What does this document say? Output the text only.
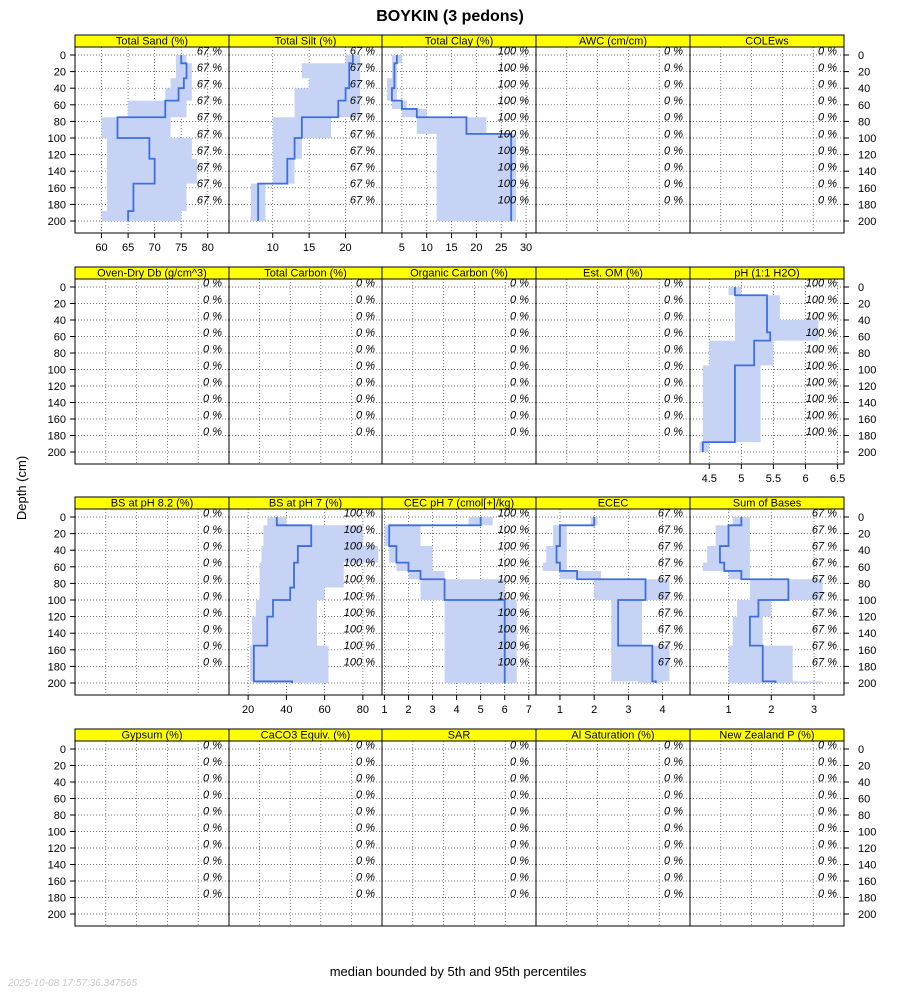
BOYKIN (3 pedons)
Depth (cm)
median bounded by 5th and 95th percentiles
Total Sand (%)
67 %
67 %
67 %
67 %
67 %
67 %
67 %
67 %
67 %
67 %
60 65 70 75 80
Total Silt (%)
67 %
67 %
67 %
67 %
67 %
67 %
67 %
67 %
67 %
67 %
10 15 20
Total Clay (%)
100 %
100 %
100 %
100 %
100 %
100 %
100 %
100 %
100 %
100 %
5 10 15 20 25 30
AWC (cm/cm)
0 %
0 %
0 %
0 %
0 %
0 %
0 %
0 %
0 %
0 %
COLEws
0 %
0 %
0 %
0 %
0 %
0 %
0 %
0 %
0 %
0 %
Oven-Dry Db (g/cm^3)
0 %
0 %
0 %
0 %
0 %
0 %
0 %
0 %
0 %
0 %
Total Carbon (%)
0 %
0 %
0 %
0 %
0 %
0 %
0 %
0 %
0 %
0 %
Organic Carbon (%)
0 %
0 %
0 %
0 %
0 %
0 %
0 %
0 %
0 %
0 %
Est. OM (%)
0 %
0 %
0 %
0 %
0 %
0 %
0 %
0 %
0 %
0 %
pH (1:1 H2O)
100 %
100 %
100 %
100 %
100 %
100 %
100 %
100 %
100 %
100 %
4.5 5 5.5 6 6.5
BS at pH 8.2 (%)
0 %
0 %
0 %
0 %
0 %
0 %
0 %
0 %
0 %
0 %
BS at pH 7 (%)
100 %
100 %
100 %
100 %
100 %
100 %
100 %
100 %
100 %
100 %
20 40 60 80
CEC pH 7 (cmol[+]/kg)
100 %
100 %
100 %
100 %
100 %
100 %
100 %
100 %
100 %
100 %
1 2 3 4 5 6 7
ECEC
67 %
67 %
67 %
67 %
67 %
67 %
67 %
67 %
67 %
67 %
1	2	3	4
Sum of Bases
67 %
67 %
67 %
67 %
67 %
67 %
67 %
67 %
67 %
67 %
1	2	3
Gypsum (%)
0 %
0 %
0 %
0 %
0 %
0 %
0 %
0 %
0 %
0 %
CaCO3 Equiv. (%)
0 %
0 %
0 %
0 %
0 %
0 %
0 %
0 %
0 %
0 %
SAR
0 %
0 %
0 %
0 %
0 %
0 %
0 %
0 %
0 %
0 %
Al Saturation (%)
0 %
0 %
0 %
0 %
0 %
0 %
0 %
0 %
0 %
0 %
New Zealand P (%)
0 %
0 %
0 %
0 %
0 %
0 %
0 %
0 %
0 %
0 %
0	0
20	20
40	40
60	60
80	80
100	100
120	120
140	140
160	160
180	180
200	200
0	0
20	20
40	40
60	60
80	80
100	100
120	120
140	140
160	160
180	180
200	200
0	0
20	20
40	40
60	60
80	80
100	100
120	120
140	140
160	160
180	180
200	200
0	0
20	20
40	40
60	60
80	80
100	100
120	120
140	140
160	160
180	180
200	200
2025-10-08 17:57:36.347565
